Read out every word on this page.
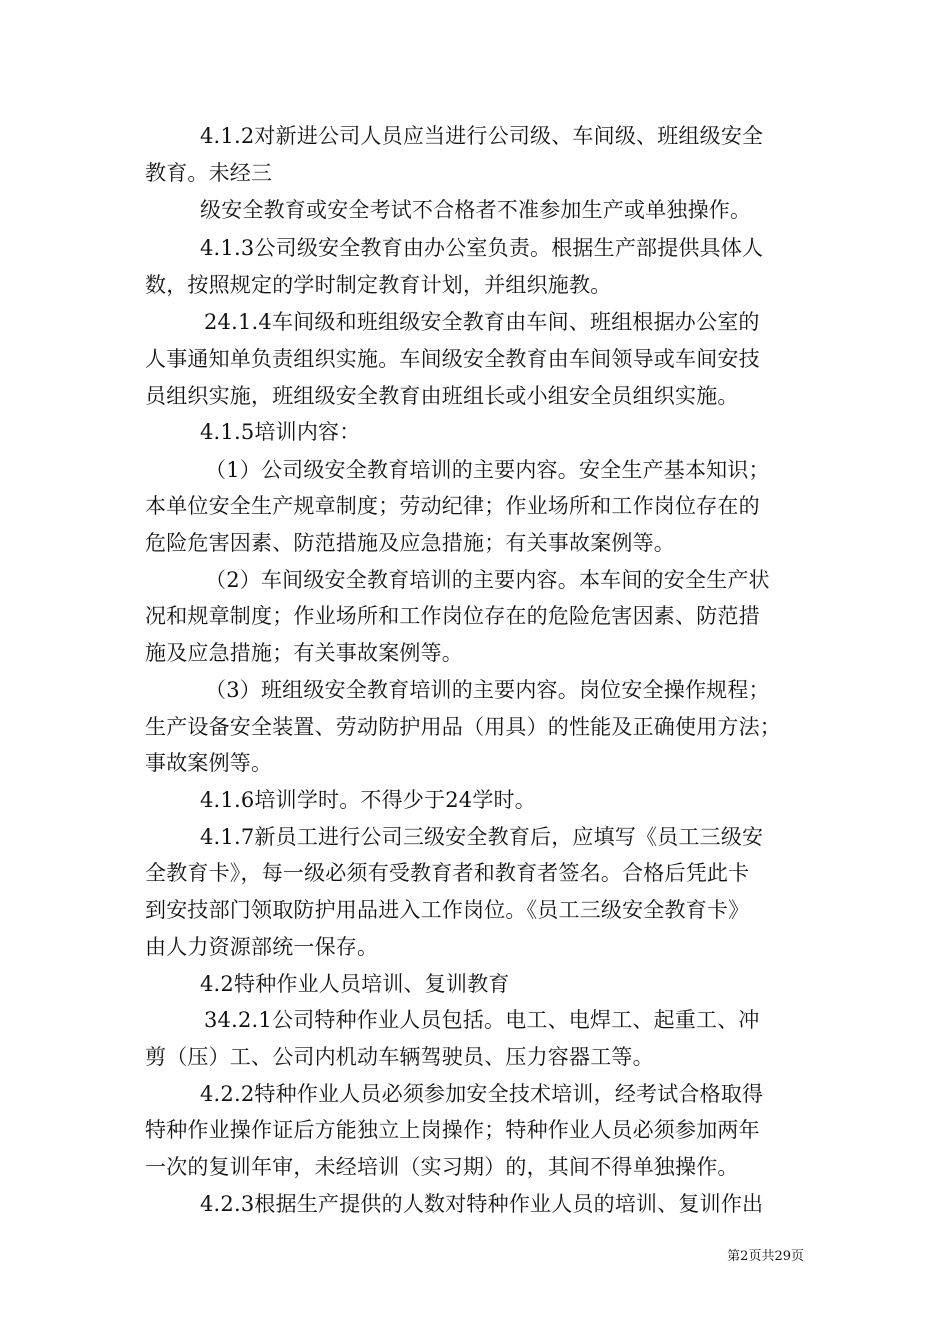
4.1.2对新进公司人员应当进行公司级、车间级、班组级安全
教育。未经三
级安全教育或安全考试不合格者不准参加生产或单独操作。
4.1.3公司级安全教育由办公室负责。根据生产部提供具体人
数，按照规定的学时制定教育计划，并组织施教。
24.1.4车间级和班组级安全教育由车间、班组根据办公室的
人事通知单负责组织实施。车间级安全教育由车间领导或车间安技
员组织实施，班组级安全教育由班组长或小组安全员组织实施。
4.1.5培训内容：
（1）公司级安全教育培训的主要内容。安全生产基本知识；
本单位安全生产规章制度；劳动纪律；作业场所和工作岗位存在的
危险危害因素、防范措施及应急措施；有关事故案例等。
（2）车间级安全教育培训的主要内容。本车间的安全生产状
况和规章制度；作业场所和工作岗位存在的危险危害因素、防范措
施及应急措施；有关事故案例等。
（3）班组级安全教育培训的主要内容。岗位安全操作规程；
生产设备安全装置、劳动防护用品（用具）的性能及正确使用方法；
事故案例等。
4.1.6培训学时。不得少于24学时。
4.1.7新员工进行公司三级安全教育后，应填写《员工三级安
全教育卡》，每一级必须有受教育者和教育者签名。合格后凭此卡
到安技部门领取防护用品进入工作岗位。《员工三级安全教育卡》
由人力资源部统一保存。
4.2特种作业人员培训、复训教育
34.2.1公司特种作业人员包括。电工、电焊工、起重工、冲
剪（压）工、公司内机动车辆驾驶员、压力容器工等。
4.2.2特种作业人员必须参加安全技术培训，经考试合格取得
特种作业操作证后方能独立上岗操作；特种作业人员必须参加两年
一次的复训年审，未经培训（实习期）的，其间不得单独操作。
4.2.3根据生产提供的人数对特种作业人员的培训、复训作出
第2页共29页
